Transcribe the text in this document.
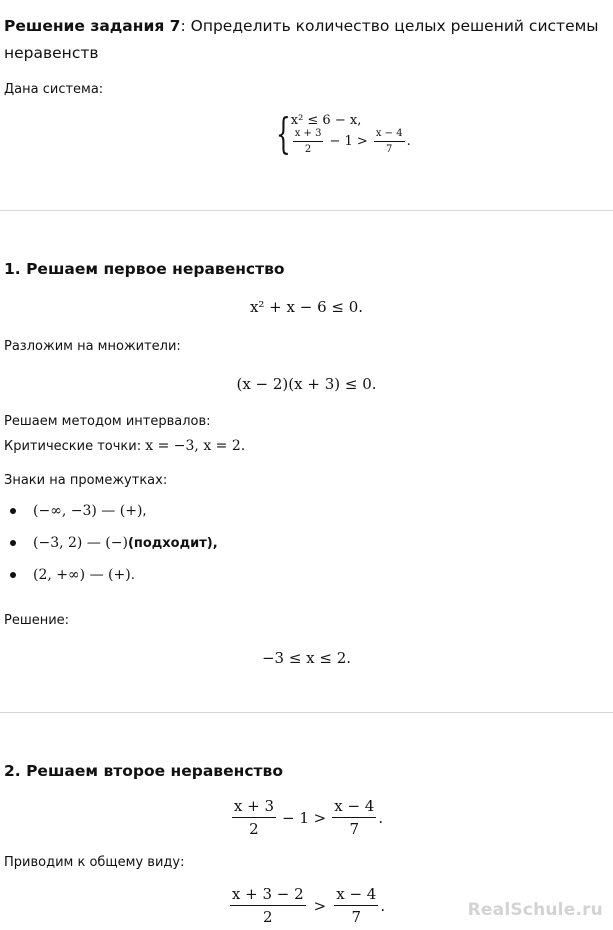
Решение задания 7: Определить количество целых решений системы неравенств
Дана система:
{ x² ≤ 6 − x,
$\frac{x + 3}{2} - 1 > \frac{x - 4}{7}$ .
1. Решаем первое неравенство
x² + x − 6 ≤ 0.
Разложим на множители:
(x − 2)(x + 3) ≤ 0.
Решаем методом интервалов:
Критические точки: x = −3, x = 2.
Знаки на промежутках:
(−∞, −3) — (+) ,
(−3, 2) — (−) (подходит),
(2, +∞) — (+) .
Решение:
−3 ≤ x ≤ 2.
2. Решаем второе неравенство
$\frac{x + 3}{2} - 1 > \frac{x - 4}{7}$ .
Приводим к общему виду:
$\frac{x + 3 - 2}{2} > \frac{x - 4}{7}$ .	RealSchule.ru
